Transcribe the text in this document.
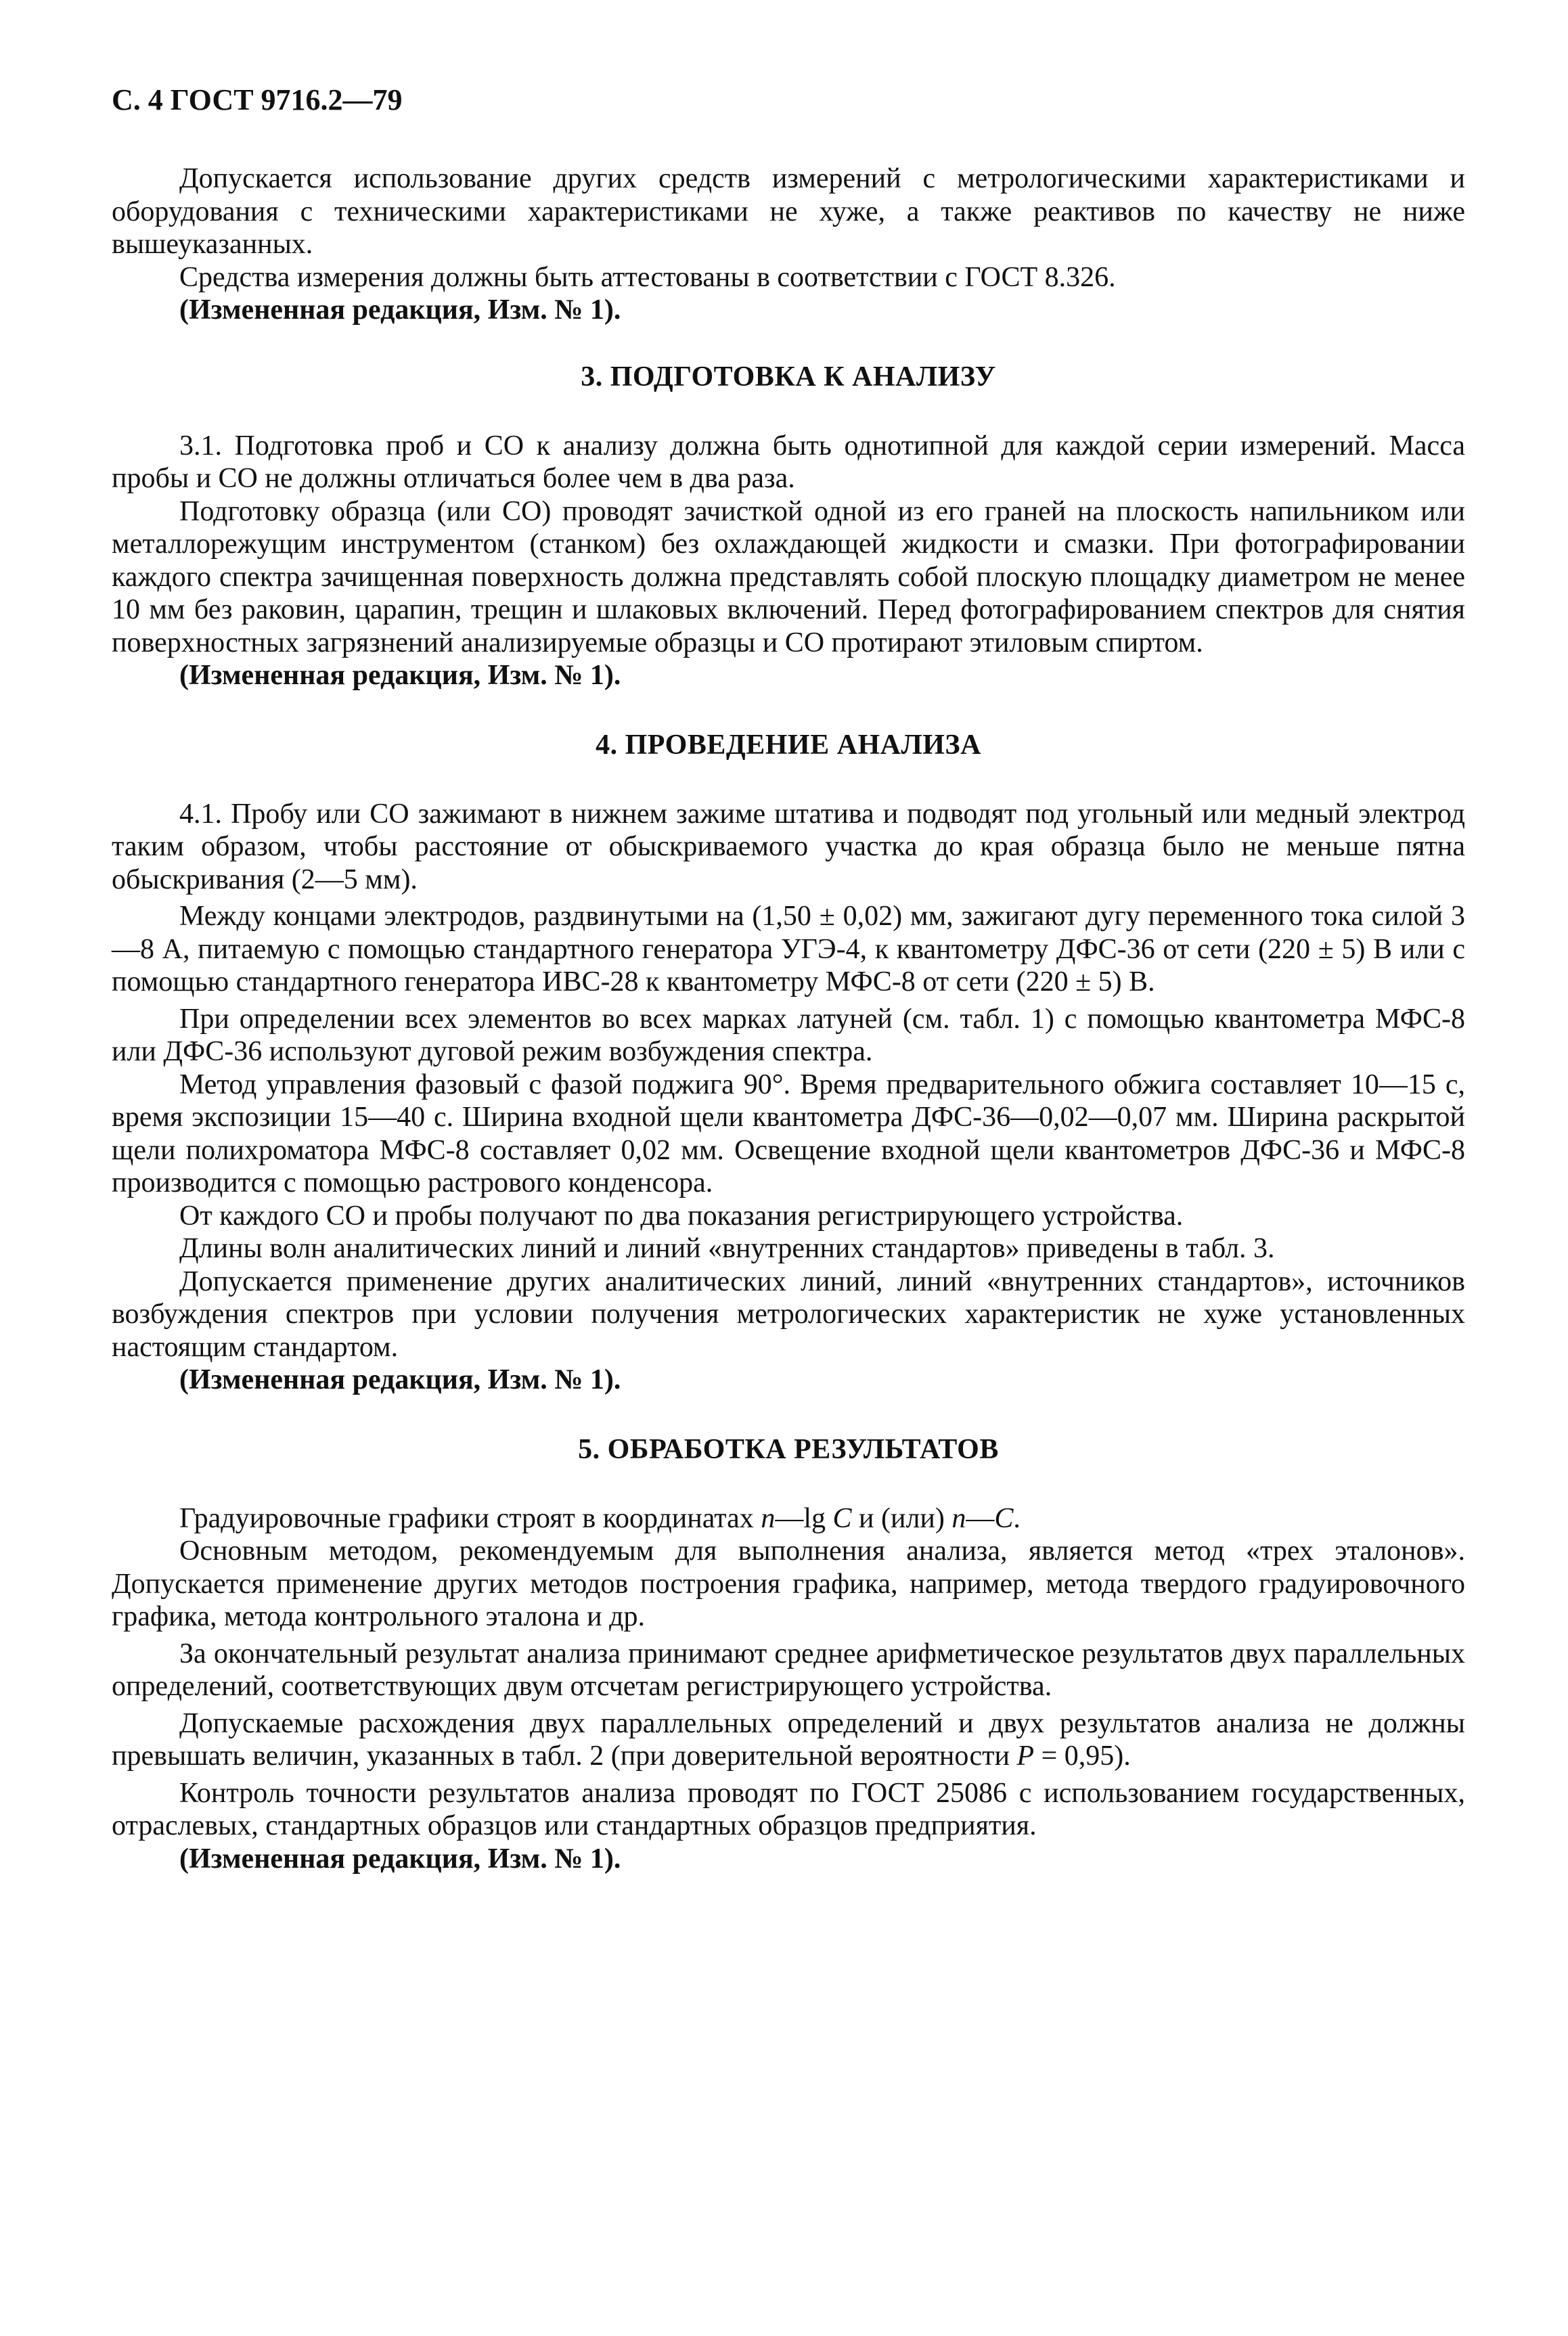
С. 4 ГОСТ 9716.2—79

Допускается использование других средств измерений с метрологическими характеристиками и оборудования с техническими характеристиками не хуже, а также реактивов по качеству не ниже вышеуказанных.

Средства измерения должны быть аттестованы в соответствии с ГОСТ 8.326.

(Измененная редакция, Изм. № 1).

3. ПОДГОТОВКА К АНАЛИЗУ

3.1. Подготовка проб и СО к анализу должна быть однотипной для каждой серии измерений. Масса пробы и СО не должны отличаться более чем в два раза.

Подготовку образца (или СО) проводят зачисткой одной из его граней на плоскость напильником или металлорежущим инструментом (станком) без охлаждающей жидкости и смазки. При фотографировании каждого спектра зачищенная поверхность должна представлять собой плоскую площадку диаметром не менее 10 мм без раковин, царапин, трещин и шлаковых включений. Перед фотографированием спектров для снятия поверхностных загрязнений анализируемые образцы и СО протирают этиловым спиртом.

(Измененная редакция, Изм. № 1).

4. ПРОВЕДЕНИЕ АНАЛИЗА

4.1. Пробу или СО зажимают в нижнем зажиме штатива и подводят под угольный или медный электрод таким образом, чтобы расстояние от обыскриваемого участка до края образца было не меньше пятна обыскривания (2—5 мм).

Между концами электродов, раздвинутыми на (1,50 ± 0,02) мм, зажигают дугу переменного тока силой 3—8 А, питаемую с помощью стандартного генератора УГЭ-4, к квантометру ДФС-36 от сети (220 ± 5) В или с помощью стандартного генератора ИВС-28 к квантометру МФС-8 от сети (220 ± 5) В.

При определении всех элементов во всех марках латуней (см. табл. 1) с помощью квантометра МФС-8 или ДФС-36 используют дуговой режим возбуждения спектра.

Метод управления фазовый с фазой поджига 90°. Время предварительного обжига составляет 10—15 с, время экспозиции 15—40 с. Ширина входной щели квантометра ДФС-36—0,02—0,07 мм. Ширина раскрытой щели полихроматора МФС-8 составляет 0,02 мм. Освещение входной щели квантометров ДФС-36 и МФС-8 производится с помощью растрового конденсора.

От каждого СО и пробы получают по два показания регистрирующего устройства.

Длины волн аналитических линий и линий «внутренних стандартов» приведены в табл. 3.

Допускается применение других аналитических линий, линий «внутренних стандартов», источников возбуждения спектров при условии получения метрологических характеристик не хуже установленных настоящим стандартом.

(Измененная редакция, Изм. № 1).

5. ОБРАБОТКА РЕЗУЛЬТАТОВ

Градуировочные графики строят в координатах n—lg C и (или) n—C.

Основным методом, рекомендуемым для выполнения анализа, является метод «трех эталонов». Допускается применение других методов построения графика, например, метода твердого градуировочного графика, метода контрольного эталона и др.

За окончательный результат анализа принимают среднее арифметическое результатов двух параллельных определений, соответствующих двум отсчетам регистрирующего устройства.

Допускаемые расхождения двух параллельных определений и двух результатов анализа не должны превышать величин, указанных в табл. 2 (при доверительной вероятности P = 0,95).

Контроль точности результатов анализа проводят по ГОСТ 25086 с использованием государственных, отраслевых, стандартных образцов или стандартных образцов предприятия.

(Измененная редакция, Изм. № 1).
